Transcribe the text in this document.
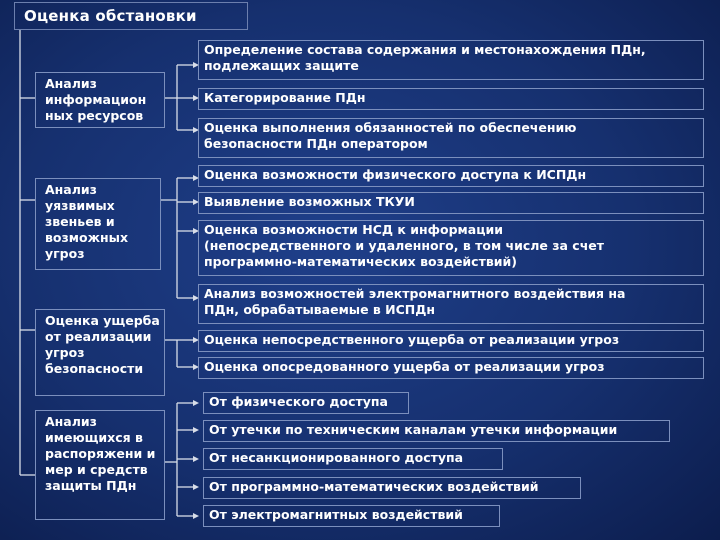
Оценка обстановки
Анализ информацион ных ресурсов
Анализ уязвимых звеньев и возможных угроз
Оценка ущерба от реализации угроз безопасности
Анализ имеющихся в распоряжени и мер и средств защиты ПДн
Определение состава содержания и местонахождения ПДн,
подлежащих защите
Категорирование ПДн
Оценка выполнения обязанностей по обеспечению
безопасности ПДн оператором
Оценка возможности физического доступа к ИСПДн
Выявление возможных ТКУИ
Оценка возможности НСД к информации
(непосредственного и удаленного, в том числе за счет
программно-математических воздействий)
Анализ возможностей электромагнитного воздействия на
ПДн, обрабатываемые в ИСПДн
Оценка непосредственного ущерба от реализации угроз
Оценка опосредованного ущерба от реализации угроз
От физического доступа
От утечки по техническим каналам утечки информации
От несанкционированного доступа
От программно-математических воздействий
От электромагнитных воздействий
